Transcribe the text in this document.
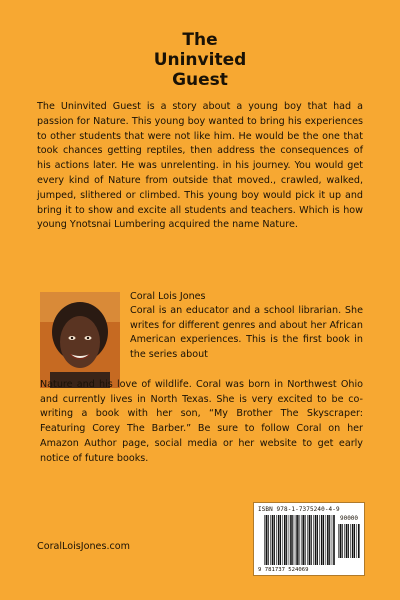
The
Uninvited
Guest
The Uninvited Guest is a story about a young boy that had a passion for Nature. This young boy wanted to bring his experiences to other students that were not like him. He would be the one that took chances getting reptiles, then address the consequences of his actions later. He was unrelenting. in his journey. You would get every kind of Nature from outside that moved., crawled, walked, jumped, slithered or climbed. This young boy would pick it up and bring it to show and excite all students and teachers. Which is how young Ynotsnai Lumbering acquired the name Nature.
Coral Lois Jones
Coral is an educator and a school librarian. She writes for different genres and about her African American experiences. This is the first book in the series about
Nature and his love of wildlife. Coral was born in Northwest Ohio and currently lives in North Texas. She is very excited to be co-writing a book with her son, “My Brother The Skyscraper: Featuring Corey The Barber.” Be sure to follow Coral on her Amazon Author page, social media or her website to get early notice of future books.
CoralLoisJones.com
ISBN 978-1-7375240-4-9
90000
9 781737 524069
